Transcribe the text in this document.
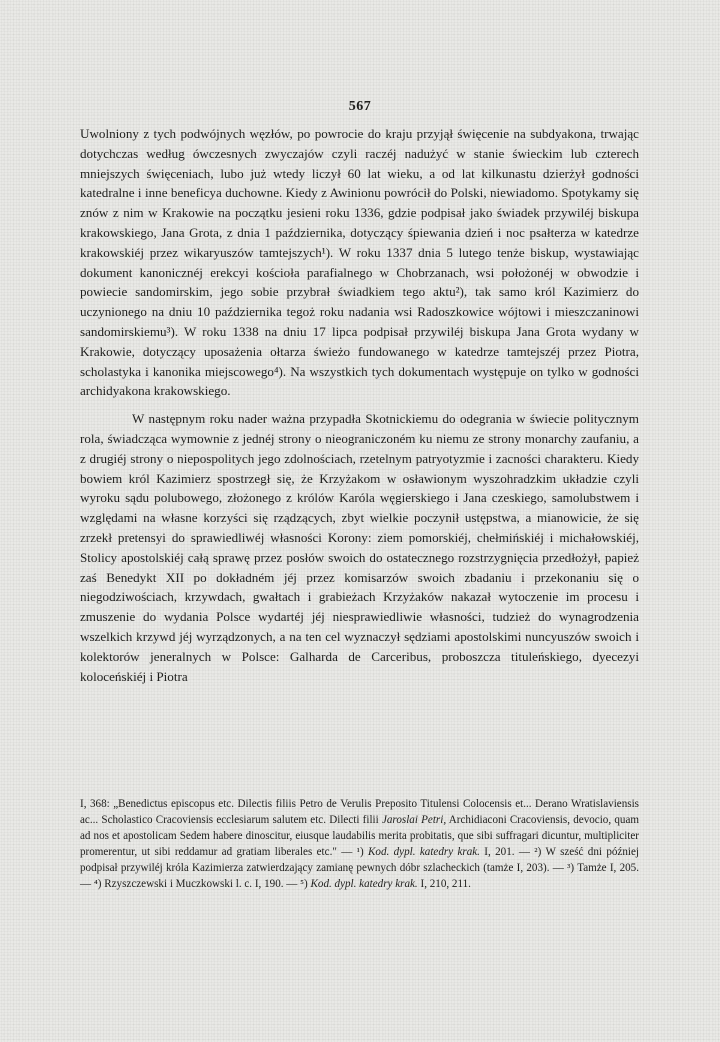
567

Uwolniony z tych podwójnych węzłów, po powrocie do kraju przyjął święcenie na subdyakona, trwając dotychczas według ówczesnych zwyczajów czyli raczéj nadużyć w stanie świeckim lub czterech mniejszych święceniach, lubo już wtedy liczył 60 lat wieku, a od lat kilkunastu dzierżył godności katedralne i inne beneficya duchowne. Kiedy z Awinionu powrócił do Polski, niewiadomo. Spotykamy się znów z nim w Krakowie na początku jesieni roku 1336, gdzie podpisał jako świadek przywiléj biskupa krakowskiego, Jana Grota, z dnia 1 października, dotyczący śpiewania dzień i noc psałterza w katedrze krakowskiéj przez wikaryuszów tamtejszych¹). W roku 1337 dnia 5 lutego tenże biskup, wystawiając dokument kanonicznéj erekcyi kościoła parafialnego w Chobrzanach, wsi położonéj w obwodzie i powiecie sandomirskim, jego sobie przybrał świadkiem tego aktu²), tak samo król Kazimierz do uczynionego na dniu 10 października tegoż roku nadania wsi Radoszkowice wójtowi i mieszczaninowi sandomirskiemu³). W roku 1338 na dniu 17 lipca podpisał przywiléj biskupa Jana Grota wydany w Krakowie, dotyczący uposażenia ołtarza świeżo fundowanego w katedrze tamtejszéj przez Piotra, scholastyka i kanonika miejscowego⁴). Na wszystkich tych dokumentach występuje on tylko w godności archidyakona krakowskiego.

W następnym roku nader ważna przypadła Skotnickiemu do odegrania w świecie politycznym rola, świadcząca wymownie z jednéj strony o nieograniczoném ku niemu ze strony monarchy zaufaniu, a z drugiéj strony o niepospolitych jego zdolnościach, rzetelnym patryotyzmie i zacności charakteru. Kiedy bowiem król Kazimierz spostrzegł się, że Krzyżakom w osławionym wyszohradzkim układzie czyli wyroku sądu polubowego, złożonego z królów Karóla węgierskiego i Jana czeskiego, samolubstwem i względami na własne korzyści się rządzących, zbyt wielkie poczynił ustępstwa, a mianowicie, że się zrzekł pretensyi do sprawiedliwéj własności Korony: ziem pomorskiéj, chełmińskiéj i michałowskiéj, Stolicy apostolskiéj całą sprawę przez posłów swoich do ostatecznego rozstrzygnięcia przedłożył, papież zaś Benedykt XII po dokładném jéj przez komisarzów swoich zbadaniu i przekonaniu się o niegodziwościach, krzywdach, gwałtach i grabieżach Krzyżaków nakazał wytoczenie im procesu i zmuszenie do wydania Polsce wydartéj jéj niesprawiedliwie własności, tudzież do wynagrodzenia wszelkich krzywd jéj wyrządzonych, a na ten cel wyznaczył sędziami apostolskimi nuncyuszów swoich i kolektorów jeneralnych w Polsce: Galharda de Carceribus, proboszcza tituleńskiego, dyecezyi koloceńskiéj i Piotra

I, 368: „Benedictus episcopus etc. Dilectis filiis Petro de Verulis Preposito Titulensi Colocensis et... Derano Wratislaviensis ac... Scholastico Cracoviensis ecclesiarum salutem etc. Dilecti filii Jaroslai Petri, Archidiaconi Cracoviensis, devocio, quam ad nos et apostolicam Sedem habere dinoscitur, eiusque laudabilis merita probitatis, que sibi suffragari dicuntur, multipliciter promerentur, ut sibi reddamur ad gratiam liberales etc." — ¹) Kod. dypl. katedry krak. I, 201. — ²) W sześć dni później podpisał przywiléj króla Kazimierza zatwierdzający zamianę pewnych dóbr szlacheckich (tamże I, 203). — ³) Tamże I, 205. — ⁴) Rzyszczewski i Muczkowski l. c. I, 190. — ⁵) Kod. dypl. katedry krak. I, 210, 211.
